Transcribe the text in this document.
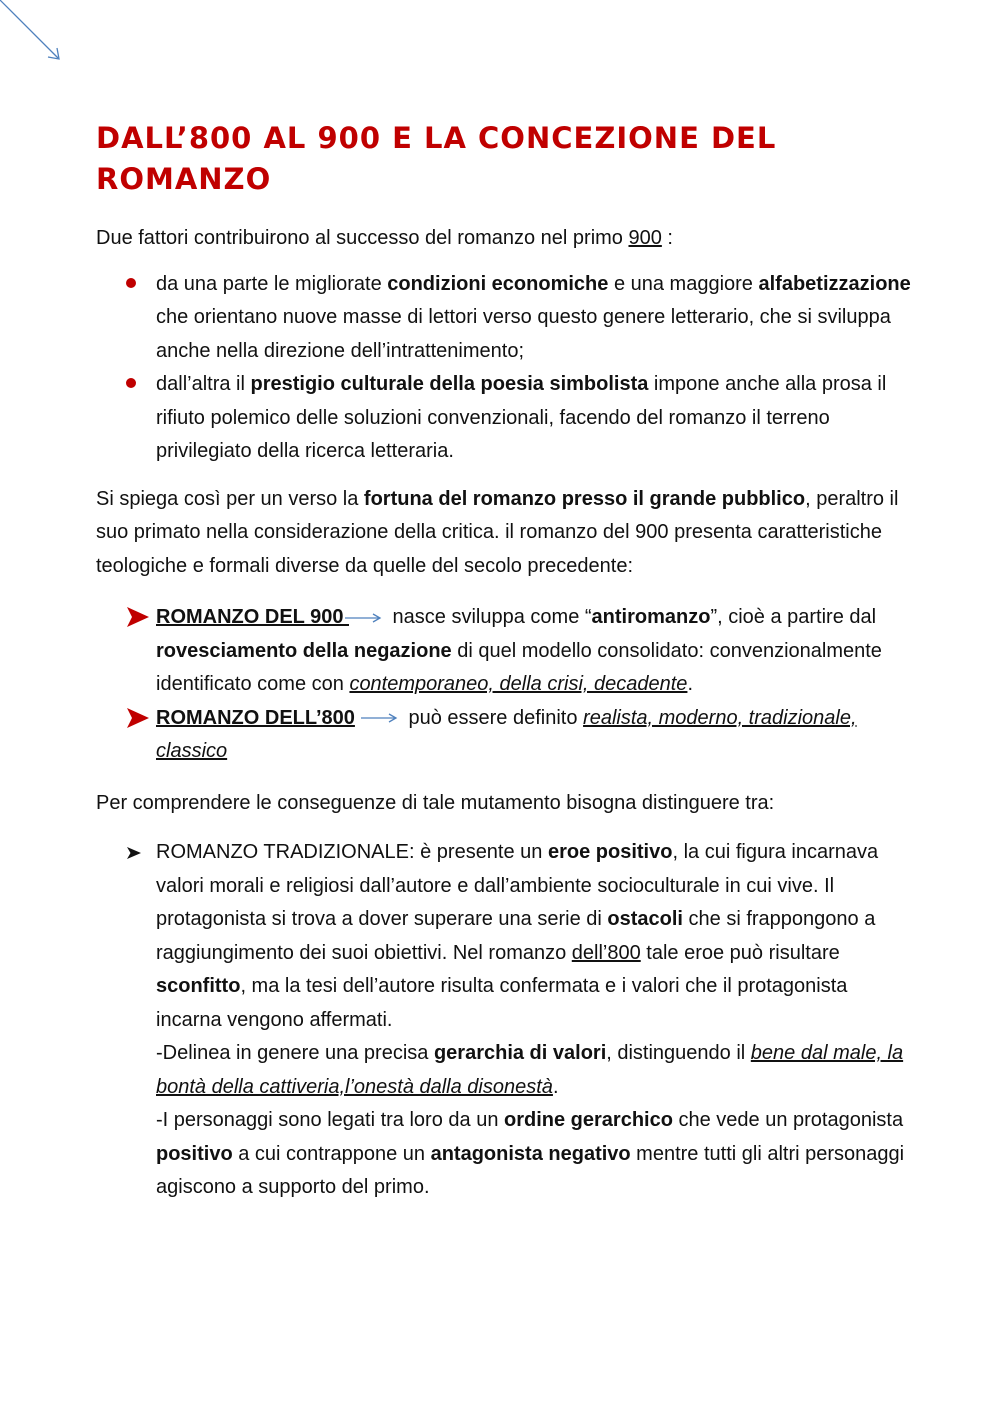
DALL’800 AL 900 E LA CONCEZIONE DEL ROMANZO

Due fattori contribuirono al successo del romanzo nel primo 900 :

da una parte le migliorate condizioni economiche e una maggiore alfabetizzazione che orientano nuove masse di lettori verso questo genere letterario, che si sviluppa anche nella direzione dell’intrattenimento;
dall’altra il prestigio culturale della poesia simbolista impone anche alla prosa il rifiuto polemico delle soluzioni convenzionali, facendo del romanzo il terreno privilegiato della ricerca letteraria.

Si spiega così per un verso la fortuna del romanzo presso il grande pubblico, peraltro il suo primato nella considerazione della critica. il romanzo del 900 presenta caratteristiche teologiche e formali diverse da quelle del secolo precedente:

ROMANZO DEL 900  nasce sviluppa come “antiromanzo”, cioè a partire dal rovesciamento della negazione di quel modello consolidato: convenzionalmente identificato come con contemporaneo, della crisi, decadente.
ROMANZO DELL’800 può essere definito realista, moderno, tradizionale, classico

Per comprendere le conseguenze di tale mutamento bisogna distinguere tra:

ROMANZO TRADIZIONALE: è presente un eroe positivo, la cui figura incarnava valori morali e religiosi dall’autore e dall’ambiente socioculturale in cui vive. Il protagonista si trova a dover superare una serie di ostacoli che si frappongono a raggiungimento dei suoi obiettivi. Nel romanzo dell’800 tale eroe può risultare sconfitto, ma la tesi dell’autore risulta confermata e i valori che il protagonista incarna vengono affermati.
-Delinea in genere una precisa gerarchia di valori, distinguendo il bene dal male, la bontà della cattiveria,l’onestà dalla disonestà.
-I personaggi sono legati tra loro da un ordine gerarchico che vede un protagonista positivo a cui contrappone un antagonista negativo mentre tutti gli altri personaggi agiscono a supporto del primo.
